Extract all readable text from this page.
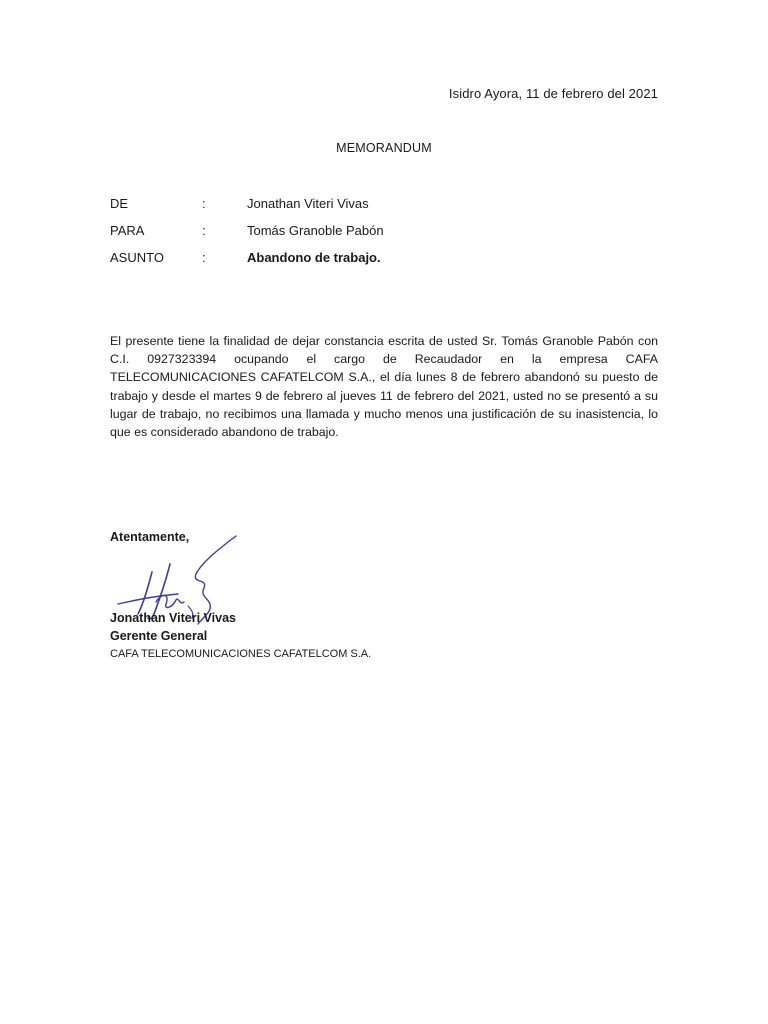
Isidro Ayora, 11 de febrero del 2021
MEMORANDUM
DE	:	Jonathan Viteri Vivas
PARA	:	Tomás Granoble Pabón
ASUNTO	:	Abandono de trabajo.
El presente tiene la finalidad de dejar constancia escrita de usted Sr. Tomás Granoble Pabón con C.I. 0927323394 ocupando el cargo de Recaudador en la empresa CAFA TELECOMUNICACIONES CAFATELCOM S.A., el día lunes 8 de febrero abandonó su puesto de trabajo y desde el martes 9 de febrero al jueves 11 de febrero del 2021, usted no se presentó a su lugar de trabajo, no recibimos una llamada y mucho menos una justificación de su inasistencia, lo que es considerado abandono de trabajo.
Atentamente,
Jonathan Viteri Vivas
Gerente General
CAFA TELECOMUNICACIONES CAFATELCOM S.A.
